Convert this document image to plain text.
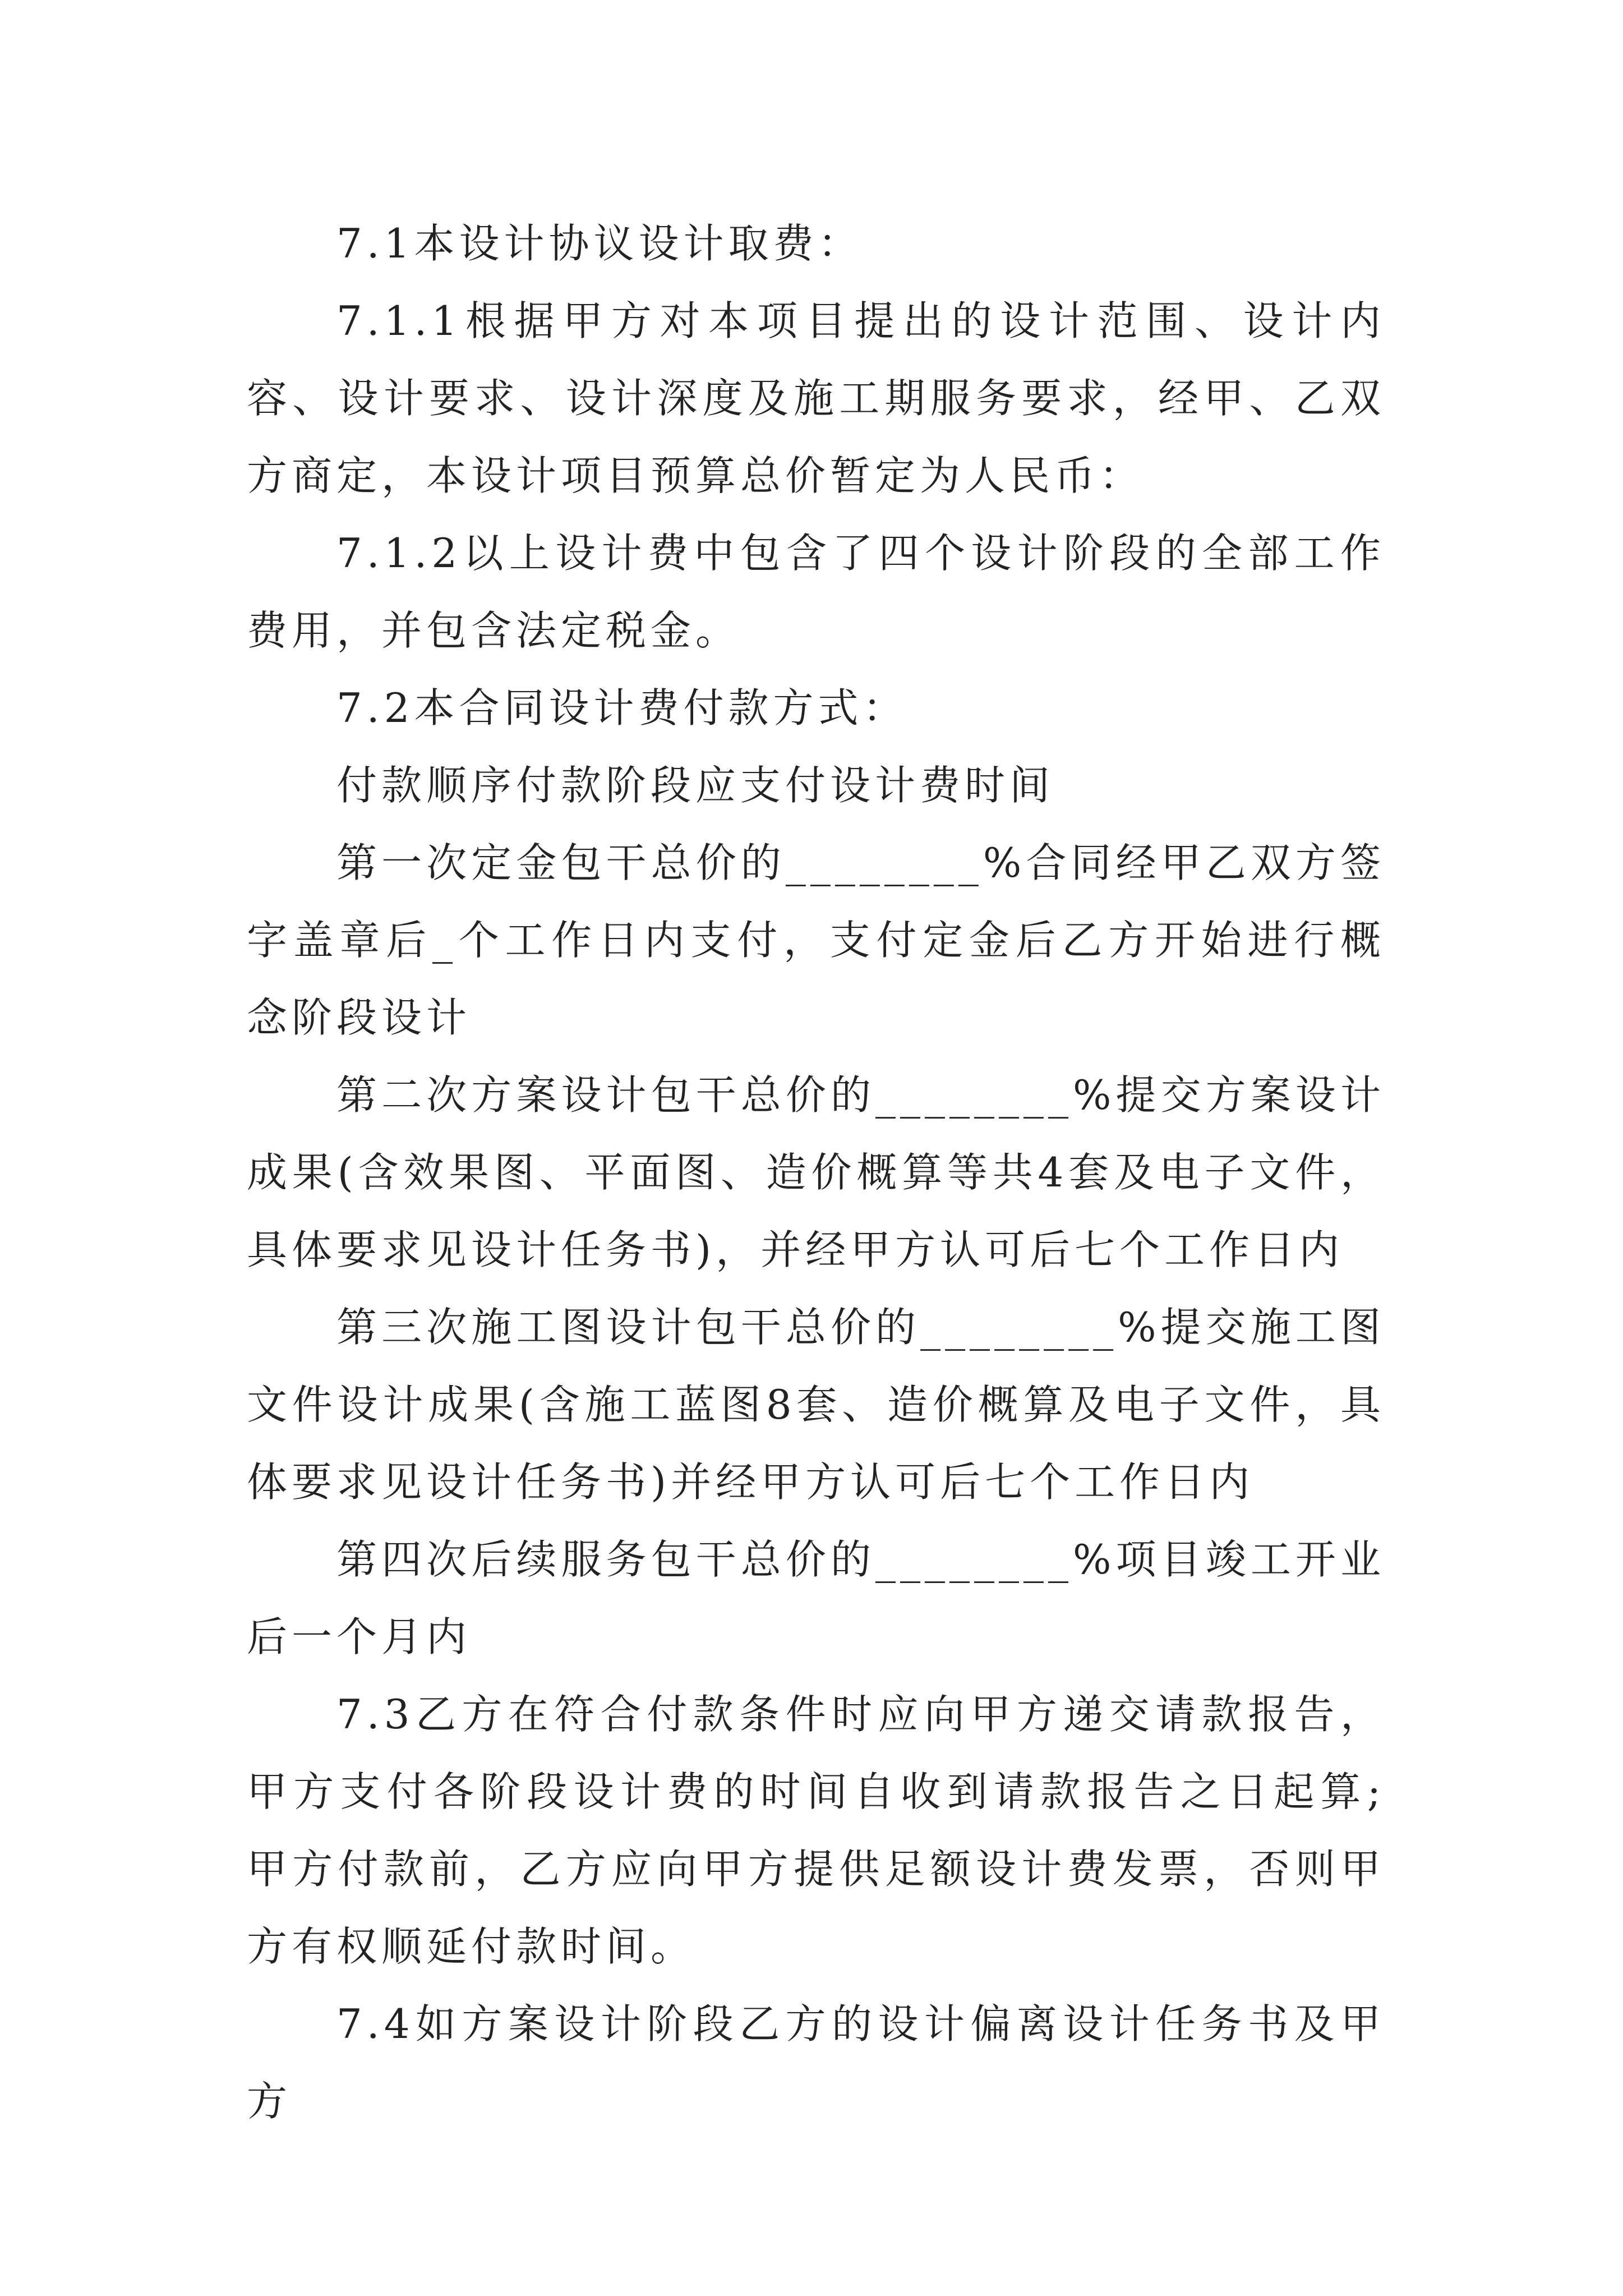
7.1本设计协议设计取费：

7.1.1根据甲方对本项目提出的设计范围、设计内容、设计要求、设计深度及施工期服务要求，经甲、乙双方商定，本设计项目预算总价暂定为人民币：

7.1.2以上设计费中包含了四个设计阶段的全部工作费用，并包含法定税金。

7.2本合同设计费付款方式：

付款顺序付款阶段应支付设计费时间

第一次定金包干总价的________%合同经甲乙双方签字盖章后_个工作日内支付，支付定金后乙方开始进行概念阶段设计

第二次方案设计包干总价的________%提交方案设计成果(含效果图、平面图、造价概算等共4套及电子文件，具体要求见设计任务书)，并经甲方认可后七个工作日内

第三次施工图设计包干总价的________%提交施工图文件设计成果(含施工蓝图8套、造价概算及电子文件，具体要求见设计任务书)并经甲方认可后七个工作日内

第四次后续服务包干总价的________%项目竣工开业后一个月内

7.3乙方在符合付款条件时应向甲方递交请款报告，甲方支付各阶段设计费的时间自收到请款报告之日起算;甲方付款前，乙方应向甲方提供足额设计费发票，否则甲方有权顺延付款时间。

7.4如方案设计阶段乙方的设计偏离设计任务书及甲方
